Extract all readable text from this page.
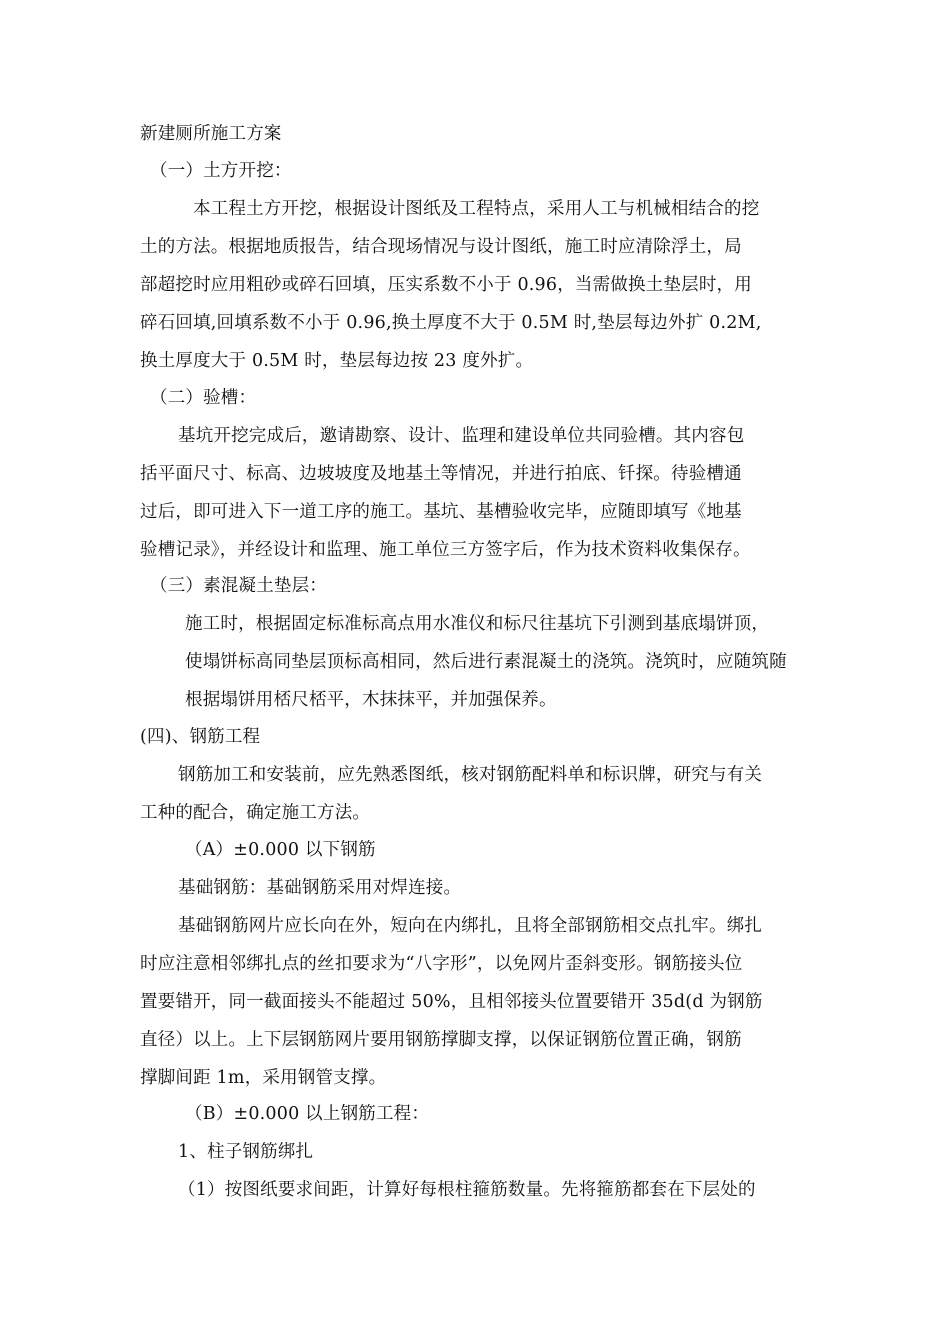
新建厕所施工方案

（一）土方开挖：

本工程土方开挖，根据设计图纸及工程特点，采用人工与机械相结合的挖

土的方法。根据地质报告，结合现场情况与设计图纸，施工时应清除浮土，局

部超挖时应用粗砂或碎石回填，压实系数不小于 0.96，当需做换土垫层时，用

碎石回填,回填系数不小于 0.96,换土厚度不大于 0.5M 时,垫层每边外扩 0.2M,

换土厚度大于 0.5M 时，垫层每边按 23 度外扩。

（二）验槽：

基坑开挖完成后，邀请勘察、设计、监理和建设单位共同验槽。其内容包

括平面尺寸、标高、边坡坡度及地基土等情况，并进行拍底、钎探。待验槽通

过后，即可进入下一道工序的施工。基坑、基槽验收完毕，应随即填写《地基

验槽记录》，并经设计和监理、施工单位三方签字后，作为技术资料收集保存。

（三）素混凝土垫层：

施工时，根据固定标准标高点用水准仪和标尺往基坑下引测到基底塌饼顶，

使塌饼标高同垫层顶标高相同，然后进行素混凝土的浇筑。浇筑时，应随筑随

根据塌饼用桮尺桮平，木抹抹平，并加强保养。

(四)、钢筋工程

钢筋加工和安装前，应先熟悉图纸，核对钢筋配料单和标识牌，研究与有关

工种的配合，确定施工方法。

（A）±0.000 以下钢筋

基础钢筋：基础钢筋采用对焊连接。

基础钢筋网片应长向在外，短向在内绑扎，且将全部钢筋相交点扎牢。绑扎

时应注意相邻绑扎点的丝扣要求为“八字形”，以免网片歪斜变形。钢筋接头位

置要错开，同一截面接头不能超过 50%，且相邻接头位置要错开 35d(d 为钢筋

直径）以上。上下层钢筋网片要用钢筋撑脚支撑，以保证钢筋位置正确，钢筋

撑脚间距 1m，采用钢管支撑。

（B）±0.000 以上钢筋工程：

1、柱子钢筋绑扎

（1）按图纸要求间距，计算好每根柱箍筋数量。先将箍筋都套在下层处的
